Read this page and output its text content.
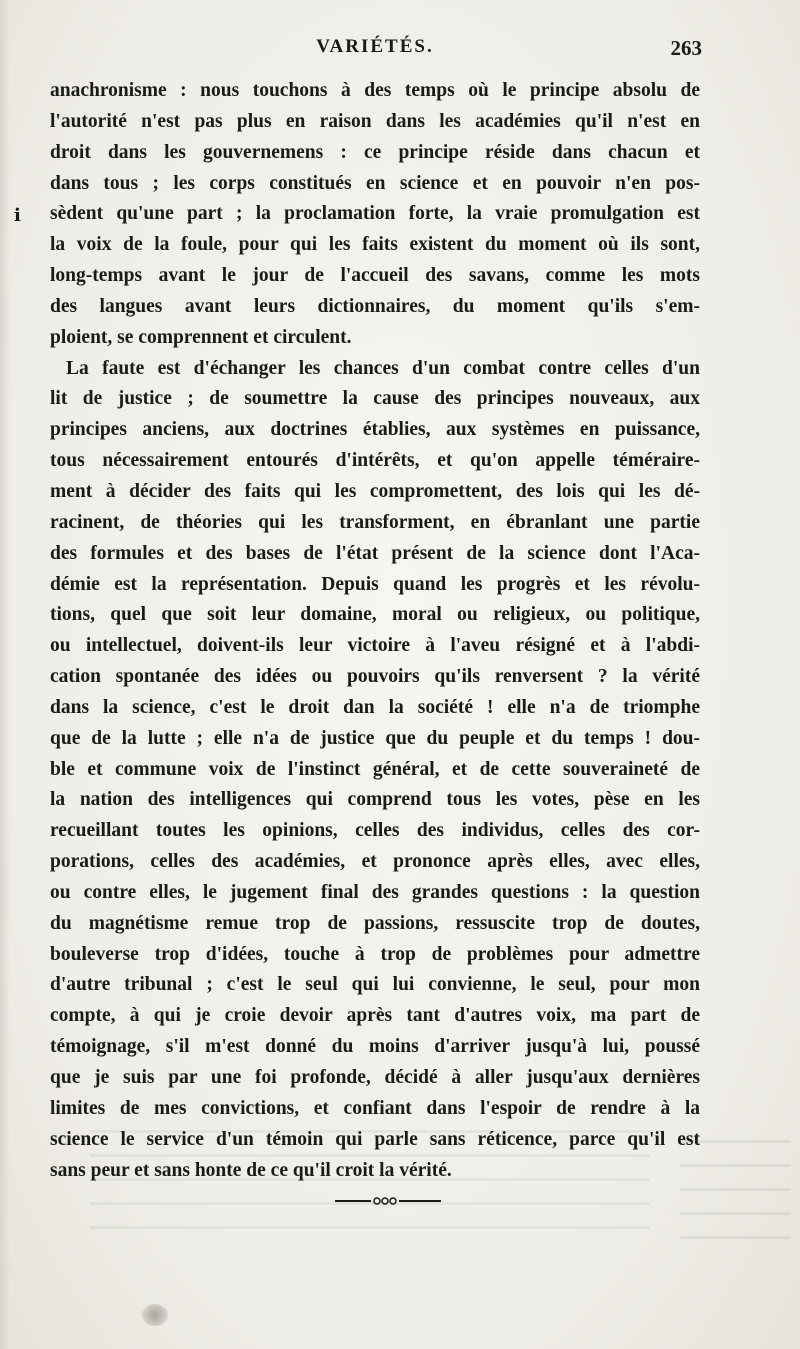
VARIÉTÉS.	263
ⅰ
anachronisme : nous touchons à des temps où le principe absolu de
l'autorité n'est pas plus en raison dans les académies qu'il n'est en
droit dans les gouvernemens : ce principe réside dans chacun et
dans tous ; les corps constitués en science et en pouvoir n'en pos-
sèdent qu'une part ; la proclamation forte, la vraie promulgation est
la voix de la foule, pour qui les faits existent du moment où ils sont,
long-temps avant le jour de l'accueil des savans, comme les mots
des langues avant leurs dictionnaires, du moment qu'ils s'em-
ploient, se comprennent et circulent.
La faute est d'échanger les chances d'un combat contre celles d'un
lit de justice ; de soumettre la cause des principes nouveaux, aux
principes anciens, aux doctrines établies, aux systèmes en puissance,
tous nécessairement entourés d'intérêts, et qu'on appelle téméraire-
ment à décider des faits qui les compromettent, des lois qui les dé-
racinent, de théories qui les transforment, en ébranlant une partie
des formules et des bases de l'état présent de la science dont l'Aca-
démie est la représentation. Depuis quand les progrès et les révolu-
tions, quel que soit leur domaine, moral ou religieux, ou politique,
ou intellectuel, doivent-ils leur victoire à l'aveu résigné et à l'abdi-
cation spontanée des idées ou pouvoirs qu'ils renversent ? la vérité
dans la science, c'est le droit dan la société ! elle n'a de triomphe
que de la lutte ; elle n'a de justice que du peuple et du temps ! dou-
ble et commune voix de l'instinct général, et de cette souveraineté de
la nation des intelligences qui comprend tous les votes, pèse en les
recueillant toutes les opinions, celles des individus, celles des cor-
porations, celles des académies, et prononce après elles, avec elles,
ou contre elles, le jugement final des grandes questions : la question
du magnétisme remue trop de passions, ressuscite trop de doutes,
bouleverse trop d'idées, touche à trop de problèmes pour admettre
d'autre tribunal ; c'est le seul qui lui convienne, le seul, pour mon
compte, à qui je croie devoir après tant d'autres voix, ma part de
témoignage, s'il m'est donné du moins d'arriver jusqu'à lui, poussé
que je suis par une foi profonde, décidé à aller jusqu'aux dernières
limites de mes convictions, et confiant dans l'espoir de rendre à la
science le service d'un témoin qui parle sans réticence, parce qu'il est
sans peur et sans honte de ce qu'il croit la vérité.
